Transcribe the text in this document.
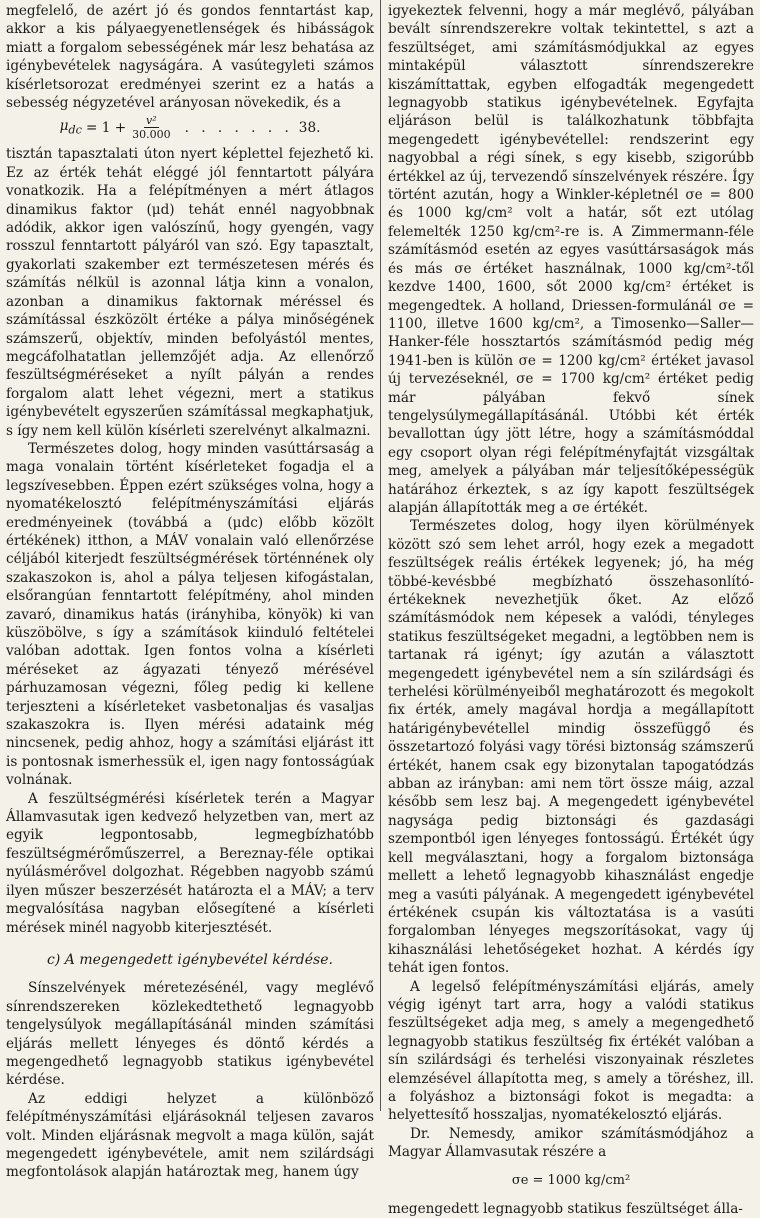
megfelelő, de azért jó és gondos fenntartást kap, akkor a kis pályaegyenetlenségek és hibásságok miatt a forgalom sebességének már lesz behatása az igénybevételek nagyságára. A vasútegyleti számos kísérletsorozat eredményei szerint ez a hatás a sebesség négyzetével arányosan növekedik, és a

$\mu_{dc} = 1 + \frac{\text{v²}}{30.000}$ . . . . . . . 38.

tisztán tapasztalati úton nyert képlettel fejezhető ki. Ez az érték tehát eléggé jól fenntartott pályára vonatkozik. Ha a felépítményen a mért átlagos dinamikus faktor (μd) tehát ennél nagyobbnak adódik, akkor igen valószínű, hogy gyengén, vagy rosszul fenntartott pályáról van szó. Egy tapasztalt, gyakorlati szakember ezt természetesen mérés és számítás nélkül is azonnal látja kinn a vonalon, azonban a dinamikus faktornak méréssel és számítással észközölt értéke a pálya minőségének számszerű, objektív, minden befolyástól mentes, megcáfolhatatlan jellemzőjét adja. Az ellenőrző feszültségméréseket a nyílt pályán a rendes forgalom alatt lehet végezni, mert a statikus igénybevételt egyszerűen számítással megkaphatjuk, s így nem kell külön kísérleti szerelvényt alkalmazni.

Természetes dolog, hogy minden vasúttársaság a maga vonalain történt kísérleteket fogadja el a legszívesebben. Éppen ezért szükséges volna, hogy a nyomatékelosztó felépítményszámítási eljárás eredményeinek (továbbá a (μdc) előbb közölt értékének) itthon, a MÁV vonalain való ellenőrzése céljából kiterjedt feszültségmérések történnének oly szakaszokon is, ahol a pálya teljesen kifogástalan, elsőrangúan fenntartott felépítmény, ahol minden zavaró, dinamikus hatás (irányhiba, könyök) ki van küszöbölve, s így a számítások kiinduló feltételei valóban adottak. Igen fontos volna a kísérleti méréseket az ágyazati tényező mérésével párhuzamosan végezni, főleg pedig ki kellene terjeszteni a kísérleteket vasbetonaljas és vasaljas szakaszokra is. Ilyen mérési adataink még nincsenek, pedig ahhoz, hogy a számítási eljárást itt is pontosnak ismerhessük el, igen nagy fontosságúak volnának.

A feszültségmérési kísérletek terén a Magyar Államvasutak igen kedvező helyzetben van, mert az egyik legpontosabb, legmegbízhatóbb feszültségmérőműszerrel, a Bereznay-féle optikai nyúlásmérővel dolgozhat. Régebben nagyobb számú ilyen műszer beszerzését határozta el a MÁV; a terv megvalósítása nagyban elősegítené a kísérleti mérések minél nagyobb kiterjesztését.

c) A megengedett igénybevétel kérdése.

Sínszelvények méretezésénél, vagy meglévő sínrendszereken közlekedtethető legnagyobb tengelysúlyok megállapításánál minden számítási eljárás mellett lényeges és döntő kérdés a megengedhető legnagyobb statikus igénybevétel kérdése.

Az eddigi helyzet a különböző felépítményszámítási eljárásoknál teljesen zavaros volt. Minden eljárásnak megvolt a maga külön, saját megengedett igénybevétele, amit nem szilárdsági megfontolások alapján határoztak meg, hanem úgy

igyekeztek felvenni, hogy a már meglévő, pályában bevált sínrendszerekre voltak tekintettel, s azt a feszültséget, ami számításmódjukkal az egyes mintaképül választott sínrendszerekre kiszámíttattak, egyben elfogadták megengedett legnagyobb statikus igénybevételnek. Egyfajta eljáráson belül is találkozhatunk többfajta megengedett igénybevétellel: rendszerint egy nagyobbal a régi sínek, s egy kisebb, szigorúbb értékkel az új, tervezendő sínszelvények részére. Így történt azután, hogy a Winkler-képletnél σe = 800 és 1000 kg/cm² volt a határ, sőt ezt utólag felemelték 1250 kg/cm²-re is. A Zimmermann-féle számításmód esetén az egyes vasúttársaságok más és más σe értéket használnak, 1000 kg/cm²-től kezdve 1400, 1600, sőt 2000 kg/cm² értéket is megengedtek. A holland, Driessen-formulánál σe = 1100, illetve 1600 kg/cm², a Timosenko—Saller—Hanker-féle hossztartós számításmód pedig még 1941-ben is külön σe = 1200 kg/cm² értéket javasol új tervezéseknél, σe = 1700 kg/cm² értéket pedig már pályában fekvő sínek tengelysúlymegállapításánál. Utóbbi két érték bevallottan úgy jött létre, hogy a számításmóddal egy csoport olyan régi felépítményfajtát vizsgáltak meg, amelyek a pályában már teljesítőképességük határához érkeztek, s az így kapott feszültségek alapján állapították meg a σe értékét.

Természetes dolog, hogy ilyen körülmények között szó sem lehet arról, hogy ezek a megadott feszültségek reális értékek legyenek; jó, ha még többé-kevésbbé megbízható összehasonlító-értékeknek nevezhetjük őket. Az előző számításmódok nem képesek a valódi, tényleges statikus feszültségeket megadni, a legtöbben nem is tartanak rá igényt; így azután a választott megengedett igénybevétel nem a sín szilárdsági és terhelési körülményeiből meghatározott és megokolt fix érték, amely magával hordja a megállapított határigénybevétellel mindig összefüggő és összetartozó folyási vagy törési biztonság számszerű értékét, hanem csak egy bizonytalan tapogatódzás abban az irányban: ami nem tört össze máig, azzal később sem lesz baj. A megengedett igénybevétel nagysága pedig biztonsági és gazdasági szempontból igen lényeges fontosságú. Értékét úgy kell megválasztani, hogy a forgalom biztonsága mellett a lehető legnagyobb kihasználást engedje meg a vasúti pályának. A megengedett igénybevétel értékének csupán kis változtatása is a vasúti forgalomban lényeges megszorításokat, vagy új kihasználási lehetőségeket hozhat. A kérdés így tehát igen fontos.

A legelső felépítményszámítási eljárás, amely végig igényt tart arra, hogy a valódi statikus feszültségeket adja meg, s amely a megengedhető legnagyobb statikus feszültség fix értékét valóban a sín szilárdsági és terhelési viszonyainak részletes elemzésével állapította meg, s amely a töréshez, ill. a folyáshoz a biztonsági fokot is megadta: a helyettesítő hosszaljas, nyomatékelosztó eljárás.

Dr. Nemesdy, amikor számításmódjához a Magyar Államvasutak részére a

σe = 1000 kg/cm²

megengedett legnagyobb statikus feszültséget álla-
